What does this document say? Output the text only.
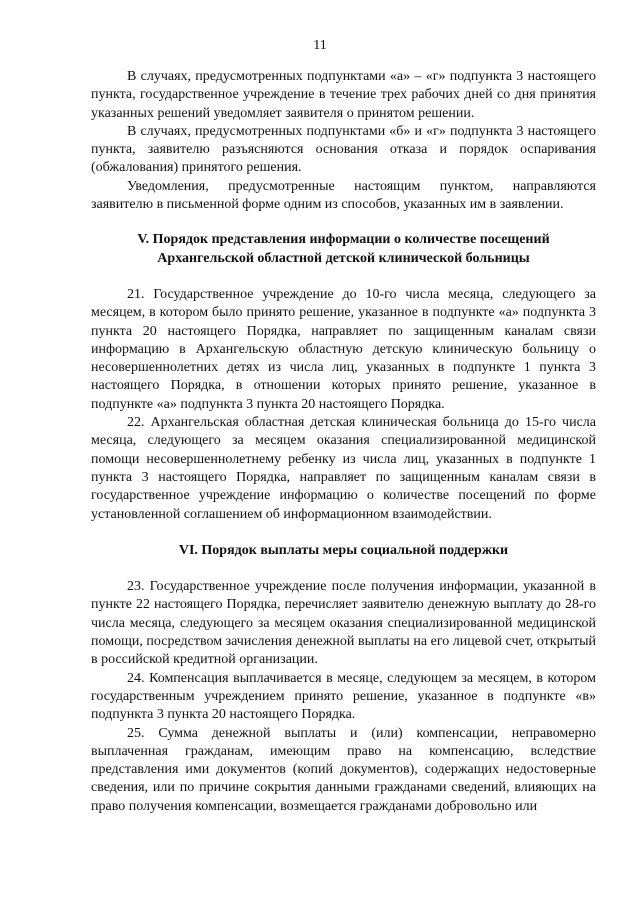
11

В случаях, предусмотренных подпунктами «а» – «г» подпункта 3 настоящего пункта, государственное учреждение в течение трех рабочих дней со дня принятия указанных решений уведомляет заявителя о принятом решении.

В случаях, предусмотренных подпунктами «б» и «г» подпункта 3 настоящего пункта, заявителю разъясняются основания отказа и порядок оспаривания (обжалования) принятого решения.

Уведомления, предусмотренные настоящим пунктом, направляются заявителю в письменной форме одним из способов, указанных им в заявлении.

V. Порядок представления информации о количестве посещений

Архангельской областной детской клинической больницы

21. Государственное учреждение до 10-го числа месяца, следующего за месяцем, в котором было принято решение, указанное в подпункте «а» подпункта 3 пункта 20 настоящего Порядка, направляет по защищенным каналам связи информацию в Архангельскую областную детскую клиническую больницу о несовершеннолетних детях из числа лиц, указанных в подпункте 1 пункта 3 настоящего Порядка, в отношении которых принято решение, указанное в подпункте «а» подпункта 3 пункта 20 настоящего Порядка.

22. Архангельская областная детская клиническая больница до 15-го числа месяца, следующего за месяцем оказания специализированной медицинской помощи несовершеннолетнему ребенку из числа лиц, указанных в подпункте 1 пункта 3 настоящего Порядка, направляет по защищенным каналам связи в государственное учреждение информацию о количестве посещений по форме установленной соглашением об информационном взаимодействии.

VI. Порядок выплаты меры социальной поддержки

23. Государственное учреждение после получения информации, указанной в пункте 22 настоящего Порядка, перечисляет заявителю денежную выплату до 28-го числа месяца, следующего за месяцем оказания специализированной медицинской помощи, посредством зачисления денежной выплаты на его лицевой счет, открытый в российской кредитной организации.

24. Компенсация выплачивается в месяце, следующем за месяцем, в котором государственным учреждением принято решение, указанное в подпункте «в» подпункта 3 пункта 20 настоящего Порядка.

25. Сумма денежной выплаты и (или) компенсации, неправомерно выплаченная гражданам, имеющим право на компенсацию, вследствие представления ими документов (копий документов), содержащих недостоверные сведения, или по причине сокрытия данными гражданами сведений, влияющих на право получения компенсации, возмещается гражданами добровольно или
